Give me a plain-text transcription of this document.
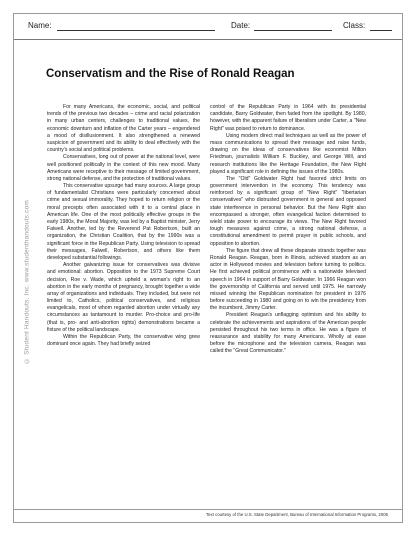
Name:	Date:	Class:
Conservatism and the Rise of Ronald Reagan
© Student Handouts, Inc. www.studenthandouts.com

For many Americans, the economic, social, and political trends of the previous two decades – crime and racial polarization in many urban centers, challenges to traditional values, the economic downturn and inflation of the Carter years – engendered a mood of disillusionment. It also strengthened a renewed suspicion of government and its ability to deal effectively with the country's social and political problems.

Conservatives, long out of power at the national level, were well positioned politically in the context of this new mood. Many Americans were receptive to their message of limited government, strong national defense, and the protection of traditional values.

This conservative upsurge had many sources. A large group of fundamentalist Christians were particularly concerned about crime and sexual immorality. They hoped to return religion or the moral precepts often associated with it to a central place in American life. One of the most politically effective groups in the early 1980s, the Moral Majority, was led by a Baptist minister, Jerry Falwell. Another, led by the Reverend Pat Robertson, built an organization, the Christian Coalition, that by the 1990s was a significant force in the Republican Party. Using television to spread their messages, Falwell, Robertson, and others like them developed substantial followings.

Another galvanizing issue for conservatives was divisive and emotional: abortion. Opposition to the 1973 Supreme Court decision, Roe v. Wade, which upheld a woman's right to an abortion in the early months of pregnancy, brought together a wide array of organizations and individuals. They included, but were not limited to, Catholics, political conservatives, and religious evangelicals, most of whom regarded abortion under virtually any circumstances as tantamount to murder. Pro-choice and pro-life (that is, pro- and anti-abortion rights) demonstrations became a fixture of the political landscape.

Within the Republican Party, the conservative wing grew dominant once again. They had briefly seized

control of the Republican Party in 1964 with its presidential candidate, Barry Goldwater, then faded from the spotlight. By 1980, however, with the apparent failure of liberalism under Carter, a "New Right" was poised to return to dominance.

Using modern direct mail techniques as well as the power of mass communications to spread their message and raise funds, drawing on the ideas of conservatives like economist Milton Friedman, journalists William F. Buckley, and George Will, and research institutions like the Heritage Foundation, the New Right played a significant role in defining the issues of the 1980s.

The "Old" Goldwater Right had favored strict limits on government intervention in the economy. This tendency was reinforced by a significant group of "New Right" "libertarian conservatives" who distrusted government in general and opposed state interference in personal behavior. But the New Right also encompassed a stronger, often evangelical faction determined to wield state power to encourage its views. The New Right favored tough measures against crime, a strong national defense, a constitutional amendment to permit prayer in public schools, and opposition to abortion.

The figure that drew all these disparate strands together was Ronald Reagan. Reagan, born in Illinois, achieved stardom as an actor in Hollywood movies and television before turning to politics. He first achieved political prominence with a nationwide televised speech in 1964 in support of Barry Goldwater. In 1966 Reagan won the governorship of California and served until 1975. He narrowly missed winning the Republican nomination for president in 1976 before succeeding in 1980 and going on to win the presidency from the incumbent, Jimmy Carter.

President Reagan's unflagging optimism and his ability to celebrate the achievements and aspirations of the American people persisted throughout his two terms in office. He was a figure of reassurance and stability for many Americans. Wholly at ease before the microphone and the television camera, Reagan was called the "Great Communicator."

Text courtesy of the U.S. State Department, Bureau of International Information Programs, 2005
